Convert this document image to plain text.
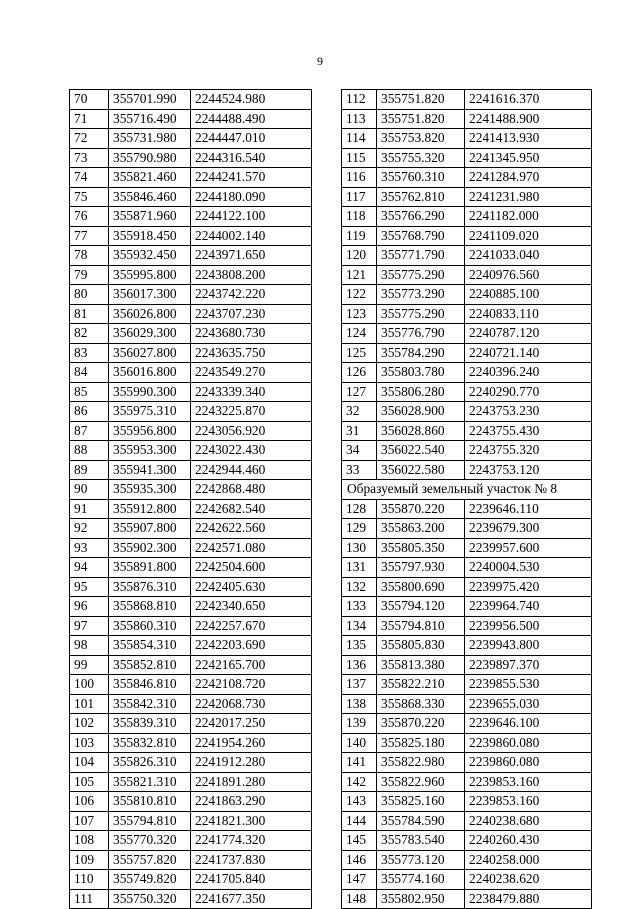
9
70	355701.990	2244524.980
71	355716.490	2244488.490
72	355731.980	2244447.010
73	355790.980	2244316.540
74	355821.460	2244241.570
75	355846.460	2244180.090
76	355871.960	2244122.100
77	355918.450	2244002.140
78	355932.450	2243971.650
79	355995.800	2243808.200
80	356017.300	2243742.220
81	356026.800	2243707.230
82	356029.300	2243680.730
83	356027.800	2243635.750
84	356016.800	2243549.270
85	355990.300	2243339.340
86	355975.310	2243225.870
87	355956.800	2243056.920
88	355953.300	2243022.430
89	355941.300	2242944.460
90	355935.300	2242868.480
91	355912.800	2242682.540
92	355907.800	2242622.560
93	355902.300	2242571.080
94	355891.800	2242504.600
95	355876.310	2242405.630
96	355868.810	2242340.650
97	355860.310	2242257.670
98	355854.310	2242203.690
99	355852.810	2242165.700
100	355846.810	2242108.720
101	355842.310	2242068.730
102	355839.310	2242017.250
103	355832.810	2241954.260
104	355826.310	2241912.280
105	355821.310	2241891.280
106	355810.810	2241863.290
107	355794.810	2241821.300
108	355770.320	2241774.320
109	355757.820	2241737.830
110	355749.820	2241705.840
111	355750.320	2241677.350
112	355751.820	2241616.370
113	355751.820	2241488.900
114	355753.820	2241413.930
115	355755.320	2241345.950
116	355760.310	2241284.970
117	355762.810	2241231.980
118	355766.290	2241182.000
119	355768.790	2241109.020
120	355771.790	2241033.040
121	355775.290	2240976.560
122	355773.290	2240885.100
123	355775.290	2240833.110
124	355776.790	2240787.120
125	355784.290	2240721.140
126	355803.780	2240396.240
127	355806.280	2240290.770
32	356028.900	2243753.230
31	356028.860	2243755.430
34	356022.540	2243755.320
33	356022.580	2243753.120
Образуемый земельный участок № 8		
128	355870.220	2239646.110
129	355863.200	2239679.300
130	355805.350	2239957.600
131	355797.930	2240004.530
132	355800.690	2239975.420
133	355794.120	2239964.740
134	355794.810	2239956.500
135	355805.830	2239943.800
136	355813.380	2239897.370
137	355822.210	2239855.530
138	355868.330	2239655.030
139	355870.220	2239646.100
140	355825.180	2239860.080
141	355822.980	2239860.080
142	355822.960	2239853.160
143	355825.160	2239853.160
144	355784.590	2240238.680
145	355783.540	2240260.430
146	355773.120	2240258.000
147	355774.160	2240238.620
148	355802.950	2238479.880
